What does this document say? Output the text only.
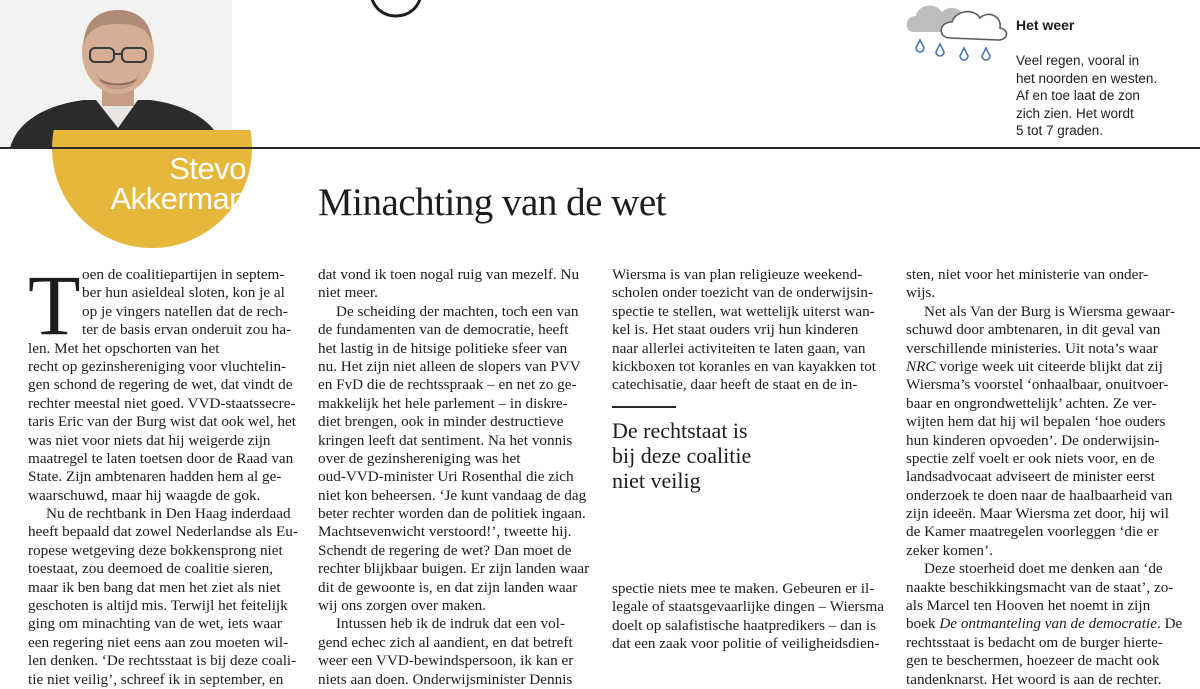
Stevo
Akkerman
Het weer
Veel regen, vooral in
het noorden en westen.
Af en toe laat de zon
zich zien. Het wordt
5 tot 7 graden.
Minachting van de wet
T oen de coalitiepartijen in septem-
ber hun asieldeal sloten, kon je al
op je vingers natellen dat de rech-
ter de basis ervan onderuit zou ha-
len. Met het opschorten van het
recht op gezinshereniging voor vluchtelin-
gen schond de regering de wet, dat vindt de
rechter meestal niet goed. VVD-staatssecre-
taris Eric van der Burg wist dat ook wel, het
was niet voor niets dat hij weigerde zijn
maatregel te laten toetsen door de Raad van
State. Zijn ambtenaren hadden hem al ge-
waarschuwd, maar hij waagde de gok.
Nu de rechtbank in Den Haag inderdaad
heeft bepaald dat zowel Nederlandse als Eu-
ropese wetgeving deze bokkensprong niet
toestaat, zou deemoed de coalitie sieren,
maar ik ben bang dat men het ziet als niet
geschoten is altijd mis. Terwijl het feitelijk
ging om minachting van de wet, iets waar
een regering niet eens aan zou moeten wil-
len denken. ‘De rechtsstaat is bij deze coali-
tie niet veilig’, schreef ik in september, en
dat vond ik toen nogal ruig van mezelf. Nu
niet meer.
De scheiding der machten, toch een van
de fundamenten van de democratie, heeft
het lastig in de hitsige politieke sfeer van
nu. Het zijn niet alleen de slopers van PVV
en FvD die de rechtsspraak – en net zo ge-
makkelijk het hele parlement – in diskre-
diet brengen, ook in minder destructieve
kringen leeft dat sentiment. Na het vonnis
over de gezinshereniging was het
oud-VVD-minister Uri Rosenthal die zich
niet kon beheersen. ‘Je kunt vandaag de dag
beter rechter worden dan de politiek ingaan.
Machtsevenwicht verstoord!’, tweette hij.
Schendt de regering de wet? Dan moet de
rechter blijkbaar buigen. Er zijn landen waar
dit de gewoonte is, en dat zijn landen waar
wij ons zorgen over maken.
Intussen heb ik de indruk dat een vol-
gend echec zich al aandient, en dat betreft
weer een VVD-bewindspersoon, ik kan er
niets aan doen. Onderwijsminister Dennis
Wiersma is van plan religieuze weekend-
scholen onder toezicht van de onderwijsin-
spectie te stellen, wat wettelijk uiterst wan-
kel is. Het staat ouders vrij hun kinderen
naar allerlei activiteiten te laten gaan, van
kickboxen tot koranles en van kayakken tot
catechisatie, daar heeft de staat en de in-
De rechtstaat is
bij deze coalitie
niet veilig
spectie niets mee te maken. Gebeuren er il-
legale of staatsgevaarlijke dingen – Wiersma
doelt op salafistische haatpredikers – dan is
dat een zaak voor politie of veiligheidsdien-
sten, niet voor het ministerie van onder-
wijs.
Net als Van der Burg is Wiersma gewaar-
schuwd door ambtenaren, in dit geval van
verschillende ministeries. Uit nota’s waar
NRC vorige week uit citeerde blijkt dat zij
Wiersma’s voorstel ‘onhaalbaar, onuitvoer-
baar en ongrondwettelijk’ achten. Ze ver-
wijten hem dat hij wil bepalen ‘hoe ouders
hun kinderen opvoeden’. De onderwijsin-
spectie zelf voelt er ook niets voor, en de
landsadvocaat adviseert de minister eerst
onderzoek te doen naar de haalbaarheid van
zijn ideeën. Maar Wiersma zet door, hij wil
de Kamer maatregelen voorleggen ‘die er
zeker komen’.
Deze stoerheid doet me denken aan ‘de
naakte beschikkingsmacht van de staat’, zo-
als Marcel ten Hooven het noemt in zijn
boek De ontmanteling van de democratie. De
rechtsstaat is bedacht om de burger hierte-
gen te beschermen, hoezeer de macht ook
tandenknarst. Het woord is aan de rechter.
